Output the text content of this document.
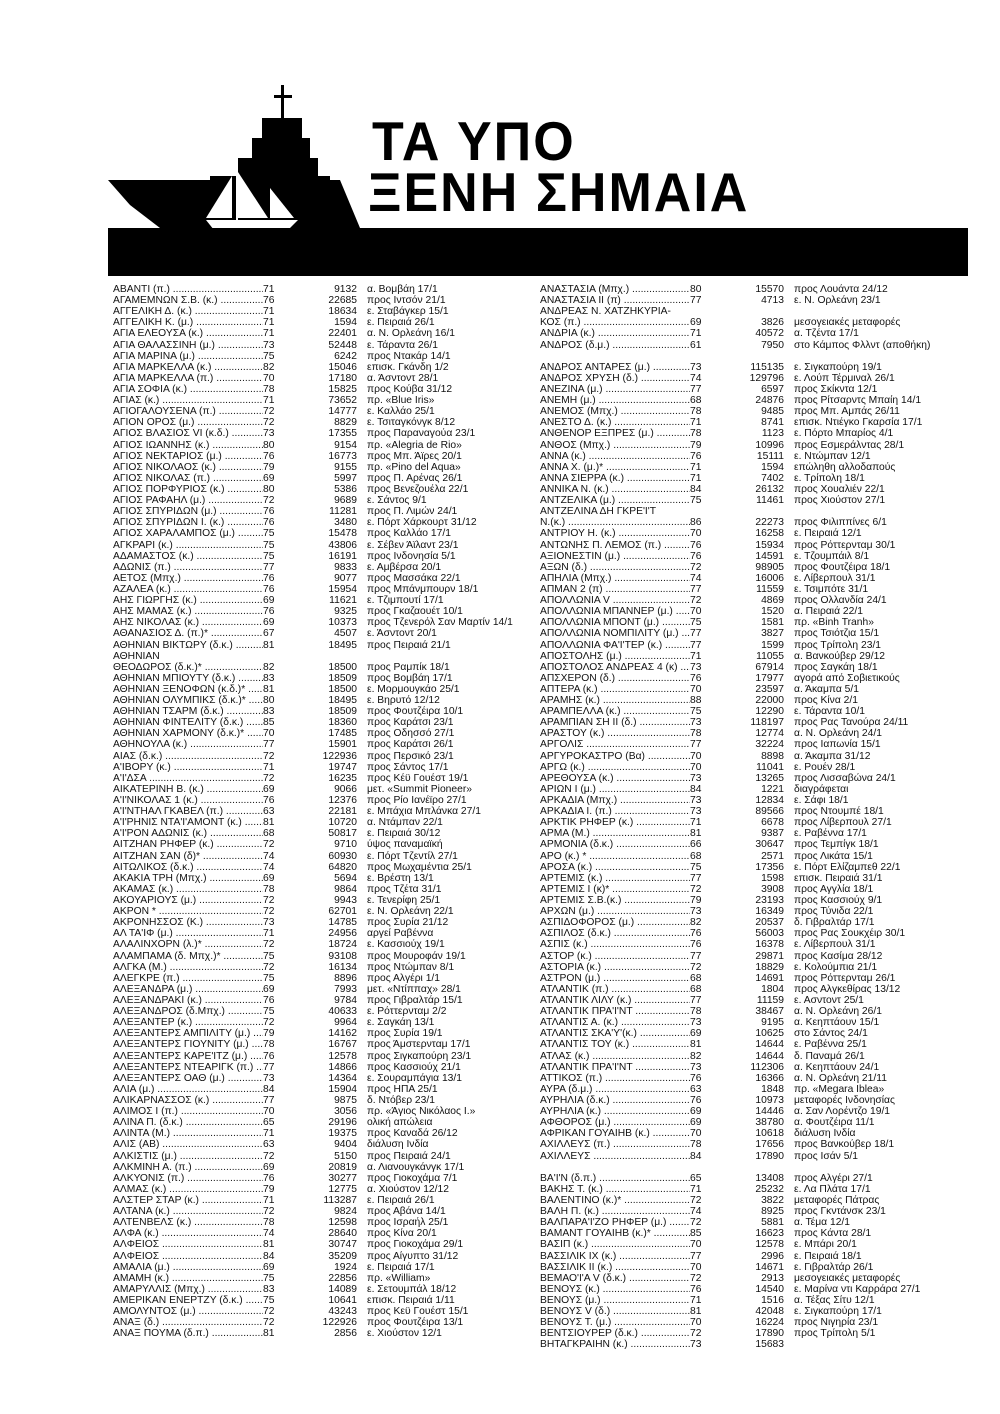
ΤΑ ΥΠΟ
ΞΕΝΗ ΣΗΜΑΙΑ
ΑΒΑΝΤΙ (π.) .....	71	9132 α. Βομβάη 17/1
ΑΓΑΜΕΜΝΩΝ Σ.Β. (κ.) .....	76	22685 προς Ιντσόν 21/1
ΑΓΓΕΛΙΚΗ Δ. (κ.) .....	71	18634 ε. Σταβάγκερ 15/1
ΑΓΓΕΛΙΚΗ Κ. (μ.) .....	71	1594 ε. Πειραιά 26/1
ΑΓΙΑ ΕΛΕΟΥΣΑ (κ.) .....	71	22401 α. Ν. Ορλεάνη 16/1
ΑΓΙΑ ΘΑΛΑΣΣΙΝΗ (μ.) .....	73	52448 ε. Τάραντα 26/1
ΑΓΙΑ ΜΑΡΙΝΑ (μ.) .....	75	6242 προς Ντακάρ 14/1
ΑΓΙΑ ΜΑΡΚΕΛΛΑ (κ.) .....	82	15046 επισκ. Γκάνδη 1/2
ΑΓΙΑ ΜΑΡΚΕΛΛΑ (π.) .....	70	17180 α. Άσντοντ 28/1
ΑΓΙΑ ΣΟΦΙΑ (κ.) .....	78	15825 προς Κούβα 31/12
ΑΓΙΑΣ (κ.) .....	71	73652 πρ. «Blue Iris»
ΑΓΙΟΓΑΛΟΥΣΕΝΑ (π.) .....	72	14777 ε. Καλλάο 25/1
ΑΓΙΟΝ ΟΡΟΣ (μ.) .....	72	8829 ε. Τσιταγκόνγκ 8/12
ΑΓΙΟΣ ΒΛΑΣΙΟΣ VI (κ.δ.) .....	73	17355 προς Παραναγούα 23/1
ΑΓΙΟΣ ΙΩΑΝΝΗΣ (κ.) .....	80	9154 πρ. «Alegria de Rio»
ΑΓΙΟΣ ΝΕΚΤΑΡΙΟΣ (μ.) .....	76	16773 προς Μπ. Άϊρες 20/1
ΑΓΙΟΣ ΝΙΚΟΛΑΟΣ (κ.) .....	79	9155 πρ. «Pino del Aqua»
ΑΓΙΟΣ ΝΙΚΟΛΑΣ (π.) .....	69	5997 προς Π. Αρένας 26/1
ΑΓΙΟΣ ΠΟΡΦΥΡΙΟΣ (κ.) .....	80	5386 προς Βενεζουέλα 22/1
ΑΓΙΟΣ ΡΑΦΑΗΛ (μ.) .....	72	9689 ε. Σάντος 9/1
ΑΓΙΟΣ ΣΠΥΡΙΔΩΝ (μ.) .....	76	11281 προς Π. Λιμών 24/1
ΑΓΙΟΣ ΣΠΥΡΙΔΩΝ Ι. (κ.) .....	76	3480 ε. Πόρτ Χάρκουρτ 31/12
ΑΓΙΟΣ ΧΑΡΑΛΑΜΠΟΣ (μ.) .....	75	15478 προς Καλλάο 17/1
ΑΓΚΡΑΡΙ (κ.) .....	75	43806 ε. Σέβεν Άϊλαντ 23/1
ΑΔΑΜΑΣΤΟΣ (κ.) .....	75	16191 προς Ινδονησία 5/1
ΑΔΩΝΙΣ (π.) .....	77	9833 ε. Αμβέρσα 20/1
ΑΕΤΟΣ (Μπχ.) .....	76	9077 προς Μασσάκα 22/1
ΑΖΑΛΕΑ (κ.) .....	76	15954 προς Μπάνμπουρν 18/1
ΑΗΣ ΓΙΩΡΓΗΣ (κ.) .....	69	11621 ε. Τζιμπουτί 17/1
ΑΗΣ ΜΑΜΑΣ (κ.) .....	76	9325 προς Γκαζαουέτ 10/1
ΑΗΣ ΝΙΚΟΛΑΣ (κ.) .....	69	10373 προς Τζενερόλ Σαν Μαρτίν 14/1
ΑΘΑΝΑΣΙΟΣ Δ. (π.)* .....	67	4507 ε. Άσντοντ 20/1
ΑΘΗΝΙΑΝ ΒΙΚΤΩΡΥ (δ.κ.) .....	81	18495 προς Πειραιά 21/1
ΑΘΗΝΙΑΝ
ΘΕΟΔΩΡΟΣ (δ.κ.)* .....	82	18500 προς Ραμπίκ 18/1
ΑΘΗΝΙΑΝ ΜΠΙΟΥΤΥ (δ.κ.) .....	83	18509 προς Βομβάη 17/1
ΑΘΗΝΙΑΝ ΞΕΝΟΦΩΝ (κ.δ.)* .....	81	18500 ε. Μορμουγκάο 25/1
ΑΘΗΝΙΑΝ ΟΛΥΜΠΙΚΣ (δ.κ.)* .....	80	18495 ε. Βηρυτό 12/12
ΑΘΗΝΙΑΝ ΤΣΑΡΜ (δ.κ.) .....	83	18509 προς Φουτζέιρα 10/1
ΑΘΗΝΙΑΝ ΦΙΝΤΕΛΙΤΥ (δ.κ.) .....	85	18360 προς Καράτσι 23/1
ΑΘΗΝΙΑΝ ΧΑΡΜΟΝΥ (δ.κ.)* .....	70	17485 προς Οδησσό 27/1
ΑΘΗΝΟΥΛΑ (κ.) .....	77	15901 προς Καράτσι 26/1
ΑΙΑΣ (δ.κ.) .....	72	122936 προς Περσικό 23/1
Α'ΙΒΟΡΥ (κ.) .....	71	19747 προς Σάντος 17/1
Α'Ι'ΔΣΑ .....	72	16235 προς Κέϋ Γουέστ 19/1
ΑΙΚΑΤΕΡΙΝΗ Β. (κ.) .....	69	9066 μετ. «Summit Pioneer»
Α'Ι'ΝΙΚΟΛΑΣ 1 (κ.) .....	76	12376 προς Ρίο Ιανέϊρο 27/1
Α'Ι'ΝΤΗΑΛ ΓΚΑΒΕΛ (π.) .....	63	22181 ε. Μπάχια Μπλάνκα 27/1
Α'Ι'ΡΗΝΙΣ ΝΤΑ'Ι'ΑΜΟΝΤ (κ.) .....	81	10720 α. Ντάμπαν 22/1
Α'Ι'ΡΟΝ ΑΔΩΝΙΣ (κ.) .....	68	50817 ε. Πειραιά 30/12
ΑΙΤΖΗΑΝ ΡΗΦΕΡ (κ.) .....	72	9710 ύψος παναμαϊκή
ΑΙΤΖΗΑΝ ΣΑΝ (δ)* .....	74	60930 ε. Πόρτ Τζεντίλ 27/1
ΑΙΤΩΛΙΚΟΣ (δ.κ.) .....	74	64820 προς Μωχαμέντια 25/1
ΑΚΑΚΙΑ ΤΡΗ (Μπχ.) .....	69	5694 ε. Βρέστη 13/1
ΑΚΑΜΑΣ (κ.) .....	78	9864 προς Τζέτα 31/1
ΑΚΟΥΑΡΙΟΥΣ (μ.) .....	72	9943 ε. Τενερίφη 25/1
ΑΚΡΟΝ * .....	72	62701 ε. Ν. Ορλεάνη 22/1
ΑΚΡΟΝΗΣΣΟΣ (Κ.) .....	73	14785 προς Συρία 21/12
ΑΛ ΤΑ'ΙΦ (μ.) .....	71	24956 αργεί Ραβέννα
ΑΛΑΛΙΝΧΟΡΝ (λ.)* .....	72	18724 ε. Κασσιούχ 19/1
ΑΛΑΜΠΑΜΑ (δ. Μπχ.)* .....	75	93108 προς Μουροφάν 19/1
ΑΛΓΚΑ (Μ.) .....	72	16134 προς Ντώμπαν 8/1
ΑΛΕΓΚΡΕ (π.) .....	75	8896 προς Αλγέρι 1/1
ΑΛΕΞΑΝΔΡΑ (μ.) .....	69	7993 μετ. «Ντίππαχ» 28/1
ΑΛΕΞΑΝΔΡΑΚΙ (κ.) .....	76	9784 προς Γιβραλτάρ 15/1
ΑΛΕΞΑΝΔΡΟΣ (δ.Μπχ.) .....	75	40633 ε. Ρόττερνταμ 2/2
ΑΛΕΞΑΝΤΕΡ (κ.) .....	72	9964 ε. Σαγκάη 13/1
ΑΛΕΞΑΝΤΕΡΣ ΑΜΠΙΛΙΤΥ (μ.) .....	79	14162 προς Συρία 19/1
ΑΛΕΞΑΝΤΕΡΣ ΓΙΟΥΝΙΤΥ (μ.) .....	78	16767 προς Άμστερνταμ 17/1
ΑΛΕΞΑΝΤΕΡΣ ΚΑΡΕ'ΙΤΖ (μ.) .....	76	12578 προς Σιγκαπούρη 23/1
ΑΛΕΞΑΝΤΕΡΣ ΝΤΕΑΡΙΓΚ (π.) ..... 77	14866 προς Κασσιούχ 21/1
ΑΛΕΞΑΝΤΕΡΣ ΟΑΘ (μ.) .....	73	14364 ε. Σουραμπάγια 13/1
ΑΛΙΑ (μ.) .....	84	15904 προς ΗΠΑ 25/1
ΑΛΙΚΑΡΝΑΣΣΟΣ (κ.) .....	77	9875 δ. Ντόβερ 23/1
ΑΛΙΜΟΣ Ι (π.) .....	70	3056 πρ. «Άγιος Νικόλαος Ι.»
ΑΛΙΝΑ Π. (δ.κ.) .....	65	29196 ολική απώλεια
ΑΛΙΝΤΑ (Μ.) .....	71	19375 προς Καναδά 26/12
ΑΛΙΣ (ΑΒ) .....	63	9404 διάλυση Ινδία
ΑΛΚΙΣΤΙΣ (μ.) .....	72	5150 προς Πειραιά 24/1
ΑΛΚΜΙΝΗ Α. (π.) .....	69	20819 α. Λιανουγκάνγκ 17/1
ΑΛΚΥΟΝΙΣ (π.) .....	76	30277 προς Γιοκοχάμα 7/1
ΑΛΜΑΣ (κ.) .....	79	12775 α. Χιούστον 12/12
ΑΛΣΤΕΡ ΣΤΑΡ (κ.) .....	71	113287 ε. Πειραιά 26/1
ΑΛΤΑΝΑ (κ.) .....	72	9824 προς Αβάνα 14/1
ΑΛΤΕΝΒΕΛΣ (κ.) .....	78	12598 προς Ισραήλ 25/1
ΑΛΦΑ (κ.) .....	74	28640 προς Κίνα 20/1
ΑΛΦΕΙΟΣ .....	81	30747 προς Γιοκοχάμα 29/1
ΑΛΦΕΙΟΣ .....	84	35209 προς Αίγυπτο 31/12
ΑΜΑΛΙΑ (μ.) .....	69	1924 ε. Πειραιά 17/1
ΑΜΑΜΗ (κ.) .....	75	22856 πρ. «William»
ΑΜΑΡΥΛΛΙΣ (Μπχ.) .....	83	14089 ε. Σετουμπάλ 18/12
ΑΜΕΡΙΚΑΝ ΕΝΕΡΤΖΥ (δ.κ.) .....	75	10641 επισκ. Πειραιά 1/11
ΑΜΟΛΥΝΤΟΣ (μ.) .....	72	43243 προς Κεϋ Γουέστ 15/1
ΑΝΑΞ (δ.) .....	72	122926 προς Φουτζέιρα 13/1
ΑΝΑΞ ΠΟΥΜΑ (δ.π.) .....	81	2856 ε. Χιούστον 12/1
ΑΝΑΣΤΑΣΙΑ (Μπχ.) .....	80	15570 προς Λουάντα 24/12
ΑΝΑΣΤΑΣΙΑ ΙΙ (π) .....	77	4713 ε. Ν. Ορλεάνη 23/1
ΑΝΔΡΕΑΣ Ν. ΧΑΤΖΗΚΥΡΙΑ-
ΚΟΣ (π.) .....	69	3826 μεσογειακές μεταφορές
ΑΝΔΡΙΑ (κ.) .....	71	40572 α. Τζέντα 17/1
ΑΝΔΡΟΣ (δ.μ.) .....	61	7950 στο Κάμπος Φλλντ (αποθήκη)
ΑΝΔΡΟΣ ΑΝΤΑΡΕΣ (μ.) .....	73	115135 ε. Σιγκαπούρη 19/1
ΑΝΔΡΟΣ ΧΡΥΣΗ (δ.) .....	74	129796 ε. Λούπ Τέρμιναλ 26/1
ΑΝΕΖΙΝΑ (μ.) .....	77	6597 προς Σκίκντα 12/1
ΑΝΕΜΗ (μ.) .....	68	24876 προς Ρίτσαρντς Μπαίη 14/1
ΑΝΕΜΟΣ (Μπχ.) .....	78	9485 προς Μπ. Αμπάς 26/11
ΑΝΕΣΤΟ Δ. (κ.) .....	71	8741 επισκ. Ντιέγκο Γκαρσία 17/1
ΑΝΘΕΝΟΡ ΕΞΠΡΕΣ (μ.) .....	78	1123 ε. Πόρτο Μπαρίος 4/1
ΑΝΘΟΣ (Μπχ.) .....	79	10996 προς Εσμεράλντας 28/1
ΑΝΝΑ (κ.) .....	76	15111 ε. Ντώμπαν 12/1
ΑΝΝΑ Χ. (μ.)* .....	71	1594 επώληθη αλλοδαπούς
ΑΝΝΑ ΣΙΕΡΡΑ (κ.) .....	71	7402 ε. Τρίπολη 18/1
ΑΝΝΙΚΑ Ν. (κ.) .....	84	26132 προς Χουαλιέν 22/1
ΑΝΤΖΕΛΙΚΑ (μ.) .....	75	11461 προς Χιούστον 27/1
ΑΝΤΖΕΛΙΝΑ ΔΗ ΓΚΡΕ'Ι'Τ
Ν.(κ.) .....	86	22273 προς Φιλιππίνες 6/1
ΑΝΤΡΙΟΥ Η. (κ.) .....	70	16258 ε. Πειραιά 12/1
ΑΝΤΩΝΗΣ Π. ΛΕΜΟΣ (π.) .....	76	15934 προς Ρόττερνταμ 30/1
ΑΞΙΟΝΕΣΤΙΝ (μ.) .....	76	14591 ε. Τζουμπάιλ 8/1
ΑΞΩΝ (δ.) .....	72	98905 προς Φουτζέιρα 18/1
ΑΠΗΛΙΑ (Μπχ.) .....	74	16006 ε. Λίβερπουλ 31/1
ΑΠΜΑΝ 2 (π) .....	77	11559 ε. Τσιμπότε 31/1
ΑΠΟΛΛΩΝΙΑ V .....	72	4869 προς Ολλανδία 24/1
ΑΠΟΛΛΩΝΙΑ ΜΠΑΝΝΕΡ (μ.) .....	70	1520 α. Πειραιά 22/1
ΑΠΟΛΛΩΝΙΑ ΜΠΟΝΤ (μ.) .....	75	1581 πρ. «Binh Tranh»
ΑΠΟΛΛΩΝΙΑ ΝΟΜΠΙΛΙΤΥ (μ.) .....	77	3827 προς Τσιότζια 15/1
ΑΠΟΛΛΩΝΙΑ ΦΑ'Ι'ΤΕΡ (κ.) .....	77	1599 προς Τρίπολη 23/1
ΑΠΟΣΤΟΛΗΣ (μ.) .....	71	11055 α. Βανκούβερ 29/12
ΑΠΟΣΤΟΛΟΣ ΑΝΔΡΕΑΣ 4 (κ) .....	73	67914 προς Σαγκάη 18/1
ΑΠΣΧΕΡΟΝ (δ.) .....	76	17977 αγορά από Σοβιετικούς
ΑΠΤΕΡΑ (κ.) .....	70	23597 α. Άκαμπα 5/1
ΑΡΑΜΗΣ (κ.) .....	88	22000 προς Κίνα 2/1
ΑΡΑΜΠΕΛΛΑ (κ.) .....	75	12290 ε. Τάραντα 10/1
ΑΡΑΜΠΙΑΝ ΣΗ ΙΙ (δ.) .....	73	118197 προς Ρας Τανούρα 24/11
ΑΡΑΣΤΟΥ (κ.) .....	78	12774 α. Ν. Ορλεάνη 24/1
ΑΡΓΟΛΙΣ .....	77	32224 προς Ιαπωνία 15/1
ΑΡΓΥΡΟΚΑΣΤΡΟ (Βα) .....	70	8898 α. Άκαμπα 31/12
ΑΡΓΩ (κ.) .....	70	11041 ε. Ρουέν 28/1
ΑΡΕΘΟΥΣΑ (κ.) .....	73	13265 προς Λισσαβώνα 24/1
ΑΡΙΩΝ Ι (μ.) .....	84	1221 διαγράφεται
ΑΡΚΑΔΙΑ (Μπχ.) .....	73	12834 ε. Σάφι 18/1
ΑΡΚΑΔΙΑ Ι. (π.) .....	73	89566 προς Ντουμπέ 18/1
ΑΡΚΤΙΚ ΡΗΦΕΡ (κ.) .....	71	6678 προς Λίβερπουλ 27/1
ΑΡΜΑ (Μ.) .....	81	9387 ε. Ραβέννα 17/1
ΑΡΜΟΝΙΑ (δ.κ.) .....	66	30647 προς Τεμπίγκ 18/1
ΑΡΟ (κ.) * .....	68	2571 προς Λικάτα 15/1
ΑΡΟΣΑ (κ.) .....	75	17356 ε. Πόρτ Ελίζαμπεθ 22/1
ΑΡΤΕΜΙΣ (κ.) .....	77	1598 επισκ. Πειραιά 31/1
ΑΡΤΕΜΙΣ Ι (κ)* .....	72	3908 προς Αγγλία 18/1
ΑΡΤΕΜΙΣ Σ.Β.(κ.) .....	79	23193 προς Κασσιούχ 9/1
ΑΡΧΩΝ (μ.) .....	73	16349 προς Τύνιδα 22/1
ΑΣΠΙΔΟΦΟΡΟΣ (μ.) .....	82	20537 δ. Γιβραλτάρ 17/1
ΑΣΠΙΛΟΣ (δ.κ.) .....	76	56003 προς Ρας Σουκχέιρ 30/1
ΑΣΠΙΣ (κ.) .....	76	16378 ε. Λίβερπουλ 31/1
ΑΣΤΟΡ (κ.) .....	77	29871 προς Κασίμα 28/12
ΑΣΤΟΡΙΑ (κ.) .....	72	18829 ε. Κολούμπια 21/1
ΑΣΤΡΟΝ (μ.) .....	68	14691 προς Ρόττερνταμ 26/1
ΑΤΛΑΝΤΙΚ (π.) .....	68	1804 προς Αλγκεθίρας 13/12
ΑΤΛΑΝΤΙΚ ΛΙΛΥ (κ.) .....	77	11159 ε. Ασντοντ 25/1
ΑΤΛΑΝΤΙΚ ΠΡΑ'Ι'ΝΤ .....	78	38467 α. Ν. Ορλεάνη 26/1
ΑΤΛΑΝΤΙΣ Α. (κ.) .....	73	9195 α. Κεηπτάουν 15/1
ΑΤΛΑΝΤΙΣ ΣΚΑ'Υ'(κ.) .....	69	10625 στο Σάντος 24/1
ΑΤΛΑΝΤΙΣ ΤΟΥ (κ.) .....	81	14644 ε. Ραβέννα 25/1
ΑΤΛΑΣ (κ.) .....	82	14644 δ. Παναμά 26/1
ΑΤΛΑΝΤΙΚ ΠΡΑ'Ι'ΝΤ .....	73	112306 α. Κεηπτάουν 24/1
ΑΤΤΙΚΟΣ (π.) .....	76	16366 α. Ν. Ορλεάνη 21/11
ΑΥΡΑ (δ.μ.) .....	63	1848 πρ. «Megara Iblea»
ΑΥΡΗΛΙΑ (δ.κ.) .....	76	10973 μεταφορές Ινδονησίας
ΑΥΡΗΛΙΑ (κ.) .....	69	14446 α. Σαν Λορέντζο 19/1
ΑΦΘΟΡΟΣ (μ.) .....	69	38780 α. Φουτζέιρα 11/1
ΑΦΡΙΚΑΝ ΓΟΥΑΙΗΒ (κ.) .....	70	10618 διάλυση Ινδία
ΑΧΙΛΛΕΥΣ (π.) .....	78	17656 προς Βανκούβερ 18/1
ΑΧΙΛΛΕΥΣ .....	84	17890 προς Ισάν 5/1
ΒΑ'Ι'Ν (δ.π.) .....	65	13408 προς Αλγέρι 27/1
ΒΑΚΗΣ Τ. (κ.) .....	71	25232 ε. Λα Πλάτα 17/1
ΒΑΛΕΝΤΙΝΟ (κ.)* .....	72	3822 μεταφορές Πάτρας
ΒΑΛΗ Π. (κ.) .....	74	8925 προς Γκντάνσκ 23/1
ΒΑΛΠΑΡΑ'Ι'ΖΟ ΡΗΦΕΡ (μ.) .....	72	5881 α. Τέμα 12/1
ΒΑΜΑΝΤ ΓΟΥΑΙΗΒ (κ.)* .....	85	16623 προς Κάντα 28/1
ΒΑΣΙΠ (κ.) .....	70	12578 ε. Μπάρι 20/1
ΒΑΣΣΙΛΙΚ ΙΧ (κ.) .....	77	2996 ε. Πειραιά 18/1
ΒΑΣΣΙΛΙΚ ΙΙ (κ.) .....	70	14671 ε. Γιβραλτάρ 26/1
ΒΕΜΑΟ'Ι'Α V (δ.κ.) .....	72	2913 μεσογειακές μεταφορές
ΒΕΝΟΥΣ (κ.) .....	76	14540 ε. Μαρίνα ντι Καρράρα 27/1
ΒΕΝΟΥΣ (μ.) .....	71	1516 α. Τέξας Σίτυ 12/1
ΒΕΝΟΥΣ V (δ.) .....	81	42048 ε. Σιγκαπούρη 17/1
ΒΕΝΟΥΣ Τ. (μ.) .....	70	16224 προς Νιγηρία 23/1
ΒΕΝΤΣΙΟΥΡΕΡ (δ.κ.) .....	72	17890 προς Τρίπολη 5/1
ΒΗΤΑΓΚΡΑΙΗΝ (κ.) .....	73	15683
